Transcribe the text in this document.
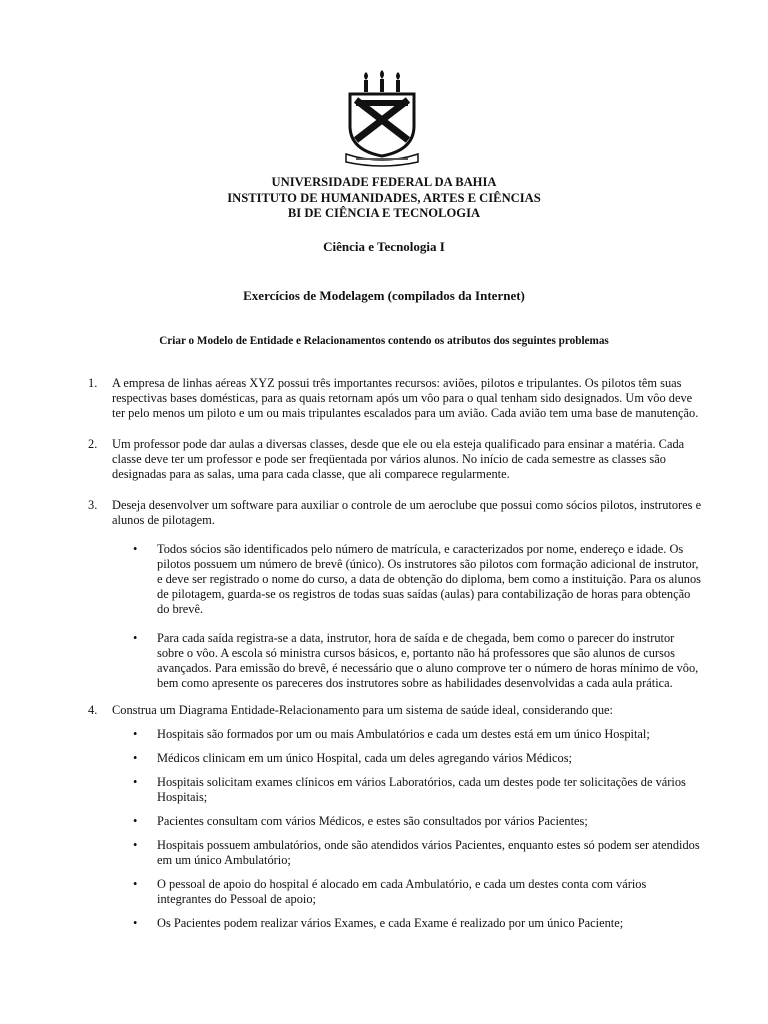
UNIVERSIDADE FEDERAL DA BAHIA
INSTITUTO DE HUMANIDADES, ARTES E CIÊNCIAS
BI DE CIÊNCIA E TECNOLOGIA
Ciência e Tecnologia I
Exercícios de Modelagem (compilados da Internet)
Criar o Modelo de Entidade e Relacionamentos contendo os atributos dos seguintes problemas
1. A empresa de linhas aéreas XYZ possui três importantes recursos: aviões, pilotos e tripulantes. Os pilotos têm suas respectivas bases domésticas, para as quais retornam após um vôo para o qual tenham sido designados. Um vôo deve ter pelo menos um piloto e um ou mais tripulantes escalados para um avião. Cada avião tem uma base de manutenção.
2. Um professor pode dar aulas a diversas classes, desde que ele ou ela esteja qualificado para ensinar a matéria. Cada classe deve ter um professor e pode ser freqüentada por vários alunos. No início de cada semestre as classes são designadas para as salas, uma para cada classe, que ali comparece regularmente.
3. Deseja desenvolver um software para auxiliar o controle de um aeroclube que possui como sócios pilotos, instrutores e alunos de pilotagem.
• Todos sócios são identificados pelo número de matrícula, e caracterizados por nome, endereço e idade. Os pilotos possuem um número de brevê (único). Os instrutores são pilotos com formação adicional de instrutor, e deve ser registrado o nome do curso, a data de obtenção do diploma, bem como a instituição. Para os alunos de pilotagem, guarda-se os registros de todas suas saídas (aulas) para contabilização de horas para obtenção do brevê.
• Para cada saída registra-se a data, instrutor, hora de saída e de chegada, bem como o parecer do instrutor sobre o vôo. A escola só ministra cursos básicos, e, portanto não há professores que são alunos de cursos avançados. Para emissão do brevê, é necessário que o aluno comprove ter o número de horas mínimo de vôo, bem como apresente os pareceres dos instrutores sobre as habilidades desenvolvidas a cada aula prática.
4. Construa um Diagrama Entidade-Relacionamento para um sistema de saúde ideal, considerando que:
• Hospitais são formados por um ou mais Ambulatórios e cada um destes está em um único Hospital;
• Médicos clinicam em um único Hospital, cada um deles agregando vários Médicos;
• Hospitais solicitam exames clínicos em vários Laboratórios, cada um destes pode ter solicitações de vários Hospitais;
• Pacientes consultam com vários Médicos, e estes são consultados por vários Pacientes;
• Hospitais possuem ambulatórios, onde são atendidos vários Pacientes, enquanto estes só podem ser atendidos em um único Ambulatório;
• O pessoal de apoio do hospital é alocado em cada Ambulatório, e cada um destes conta com vários integrantes do Pessoal de apoio;
• Os Pacientes podem realizar vários Exames, e cada Exame é realizado por um único Paciente;
